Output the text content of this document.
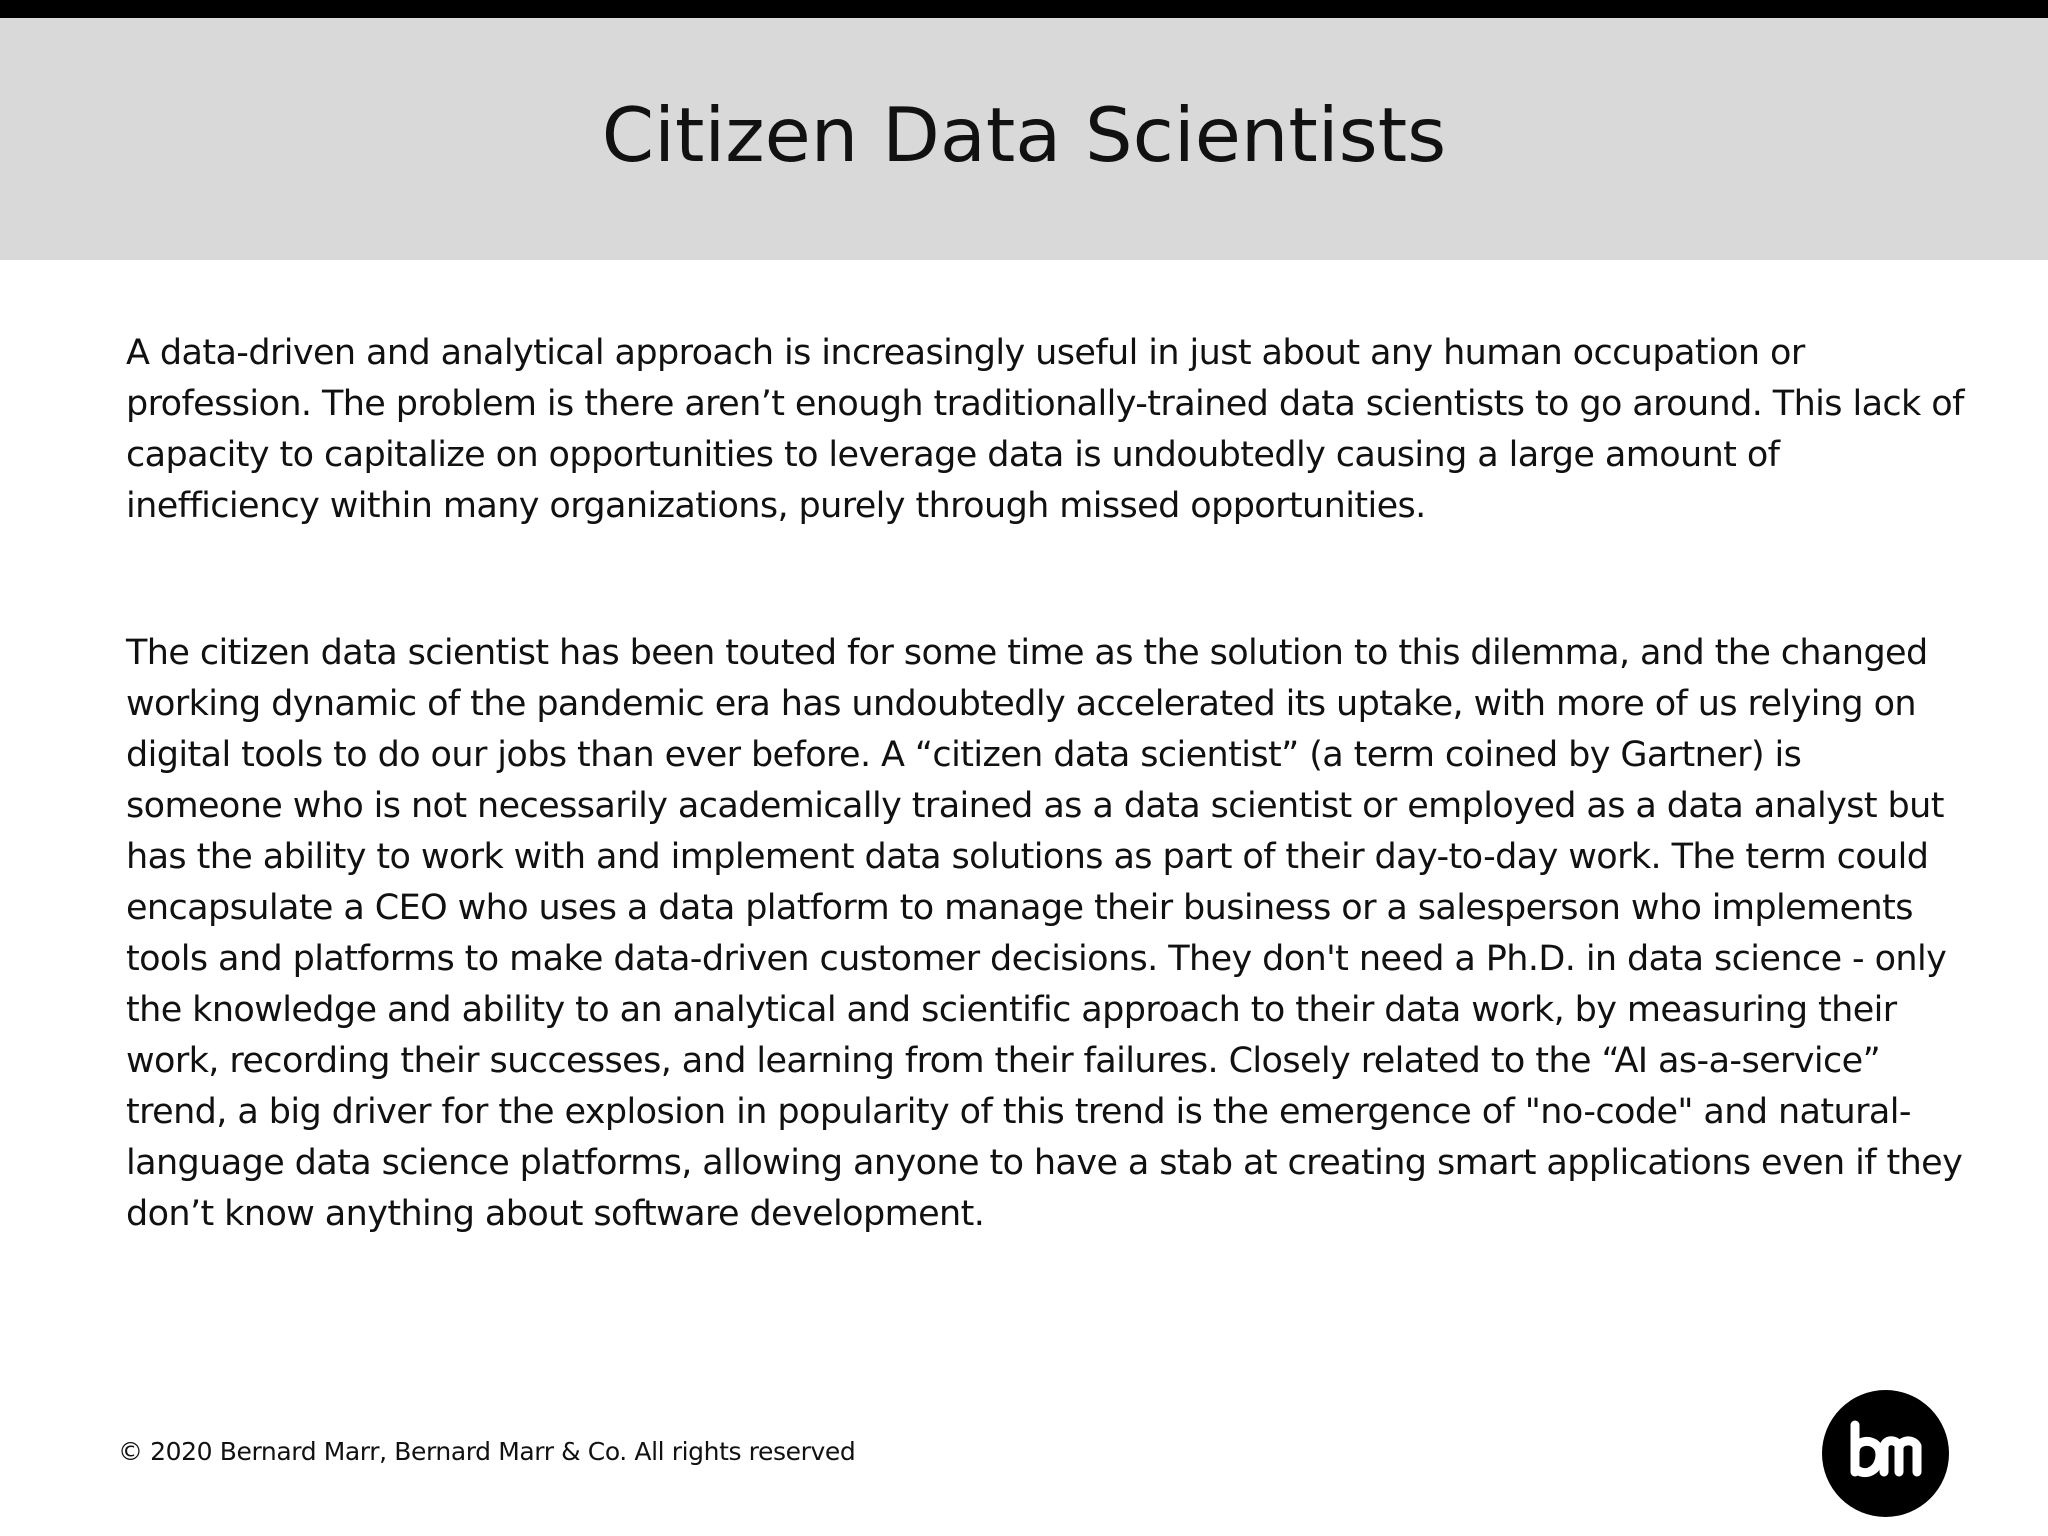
Citizen Data Scientists

A data-driven and analytical approach is increasingly useful in just about any human occupation or profession. The problem is there aren’t enough traditionally-trained data scientists to go around. This lack of capacity to capitalize on opportunities to leverage data is undoubtedly causing a large amount of inefficiency within many organizations, purely through missed opportunities.

The citizen data scientist has been touted for some time as the solution to this dilemma, and the changed working dynamic of the pandemic era has undoubtedly accelerated its uptake, with more of us relying on digital tools to do our jobs than ever before. A “citizen data scientist” (a term coined by Gartner) is someone who is not necessarily academically trained as a data scientist or employed as a data analyst but has the ability to work with and implement data solutions as part of their day-to-day work. The term could encapsulate a CEO who uses a data platform to manage their business or a salesperson who implements tools and platforms to make data-driven customer decisions. They don't need a Ph.D. in data science - only the knowledge and ability to an analytical and scientific approach to their data work, by measuring their work, recording their successes, and learning from their failures. Closely related to the “AI as-a-service” trend, a big driver for the explosion in popularity of this trend is the emergence of "no-code" and natural-language data science platforms, allowing anyone to have a stab at creating smart applications even if they don’t know anything about software development.

© 2020 Bernard Marr, Bernard Marr & Co. All rights reserved
